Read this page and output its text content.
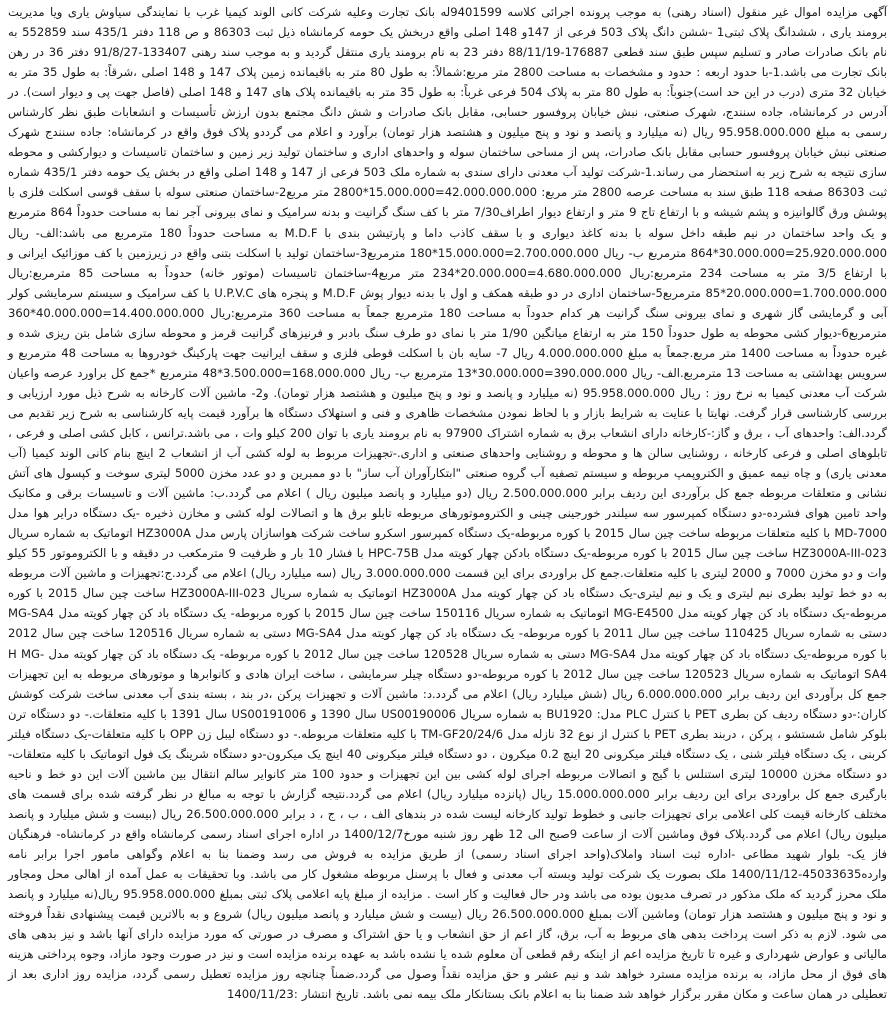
آگهی مزایده اموال غیر منقول (اسناد رهنی) به موجب پرونده اجرائی کلاسه 9401599له بانک تجارت وعلیه شرکت کانی الوند کیمیا غرب با نمایندگی سیاوش یاری و‌یا مدیریت برومند یاری ، ششدانگ پلاک ثبتی1 -ششن دانگ پلاک 503 فرعی از 147و 148 اصلی واقع دربخش یک حومه کرمانشاه ذیل ثبت 86303 و ص 118 دفتر 435/1 سند 552859 به نام بانک صادرات صادر و تسلیم سپس طبق سند قطعی 176887-88/11/19 دفتر 23 به نام برومند یاری منتقل گردید و به موجب سند رهنی 133407-91/8/27 دفتر 36 در رهن بانک تجارت می باشد.1-با حدود اربعه : حدود و مشخصات به مساحت 2800 متر مربع:شمالاً: به طول 80 متر به باقیمانده زمین پلاک 147 و 148 اصلی ،شرقاً: به طول 35 متر به خیابان 32 متری (درب در این حد است)جنوباً: به طول 80 متر به پلاک 504 فرعی غرباً: به طول 35 متر به باقیمانده پلاک های 147 و 148 اصلی (فاصل جهت پی و دیوار است). در آدرس در کرمانشاه، جاده سنندج، شهرک صنعتی، نبش خیابان پروفسور حسابی، مقابل بانک صادرات و شش دانگ مجتمع بدون ارزش تأسیسات و انشعابات طبق نظر کارشناس رسمی به مبلغ 95.958.000.000 ریال (نه میلیارد و پانصد و نود و پنج میلیون و هشتصد هزار تومان) برآورد و اعلام می گرددو پلاک فوق واقع در کرمانشاه: جاده سنندج شهرک صنعتی نبش خیابان پروفسور حسابی مقابل بانک صادرات، پس از مساحی ساختمان سوله و واحدهای اداری و ساختمان تولید زیر زمین و ساختمان تاسیسات و دیوارکشی و محوطه سازی نتیجه به شرح زیر به استحضار می رساند.1-شرکت تولید آب معدنی دارای سندی به شماره ملک 503 فرعی از 147 و 148 اصلی واقع در بخش یک حومه دفتر 435/1 شماره ثبت 86303 صفحه 118 طبق سند به مساحت عرصه 2800 متر مربع: 42.000.000.000=15.000.000*2800 متر مربع2-ساختمان صنعتی سوله با سقف قوسی اسکلت فلزی با پوشش ورق گالوانیزه و پشم شیشه و با ارتفاع تاج 9 متر و ارتفاع دیوار اطراف7/30 متر با کف سنگ گرانیت و بدنه سرامیک و نمای بیرونی آجر نما به مساحت حدوداً 864 مترمربع و یک واحد ساختمان در نیم طبقه داخل سوله با بدنه کاغذ دیواری و با سقف کاذب داما و پارتیشن بندی با M.D.F به مساحت حدوداً 180 مترمربع می باشد:الف- ریال 25،920.000.000=30.000.000*864 مترمربع ب- ریال 2.700.000.000=15.000.000*180 مترمربع3-ساختمان تولید با اسکلت بتنی واقع در زیرزمین با کف موزائیک ایرانی و با ارتفاع 3/5 متر به مساحت 234 مترمربع:ریال 4.680.000.000=20.000.000*234 متر مربع4-ساختمان تاسیسات (موتور خانه) حدوداً به مساحت 85 مترمربع:ریال 1.700.000.000=20.000.000*85 مترمربع5-ساختمان اداری در دو طبقه همکف و اول با بدنه دیوار پوش M.D.F و پنجره های U.P.V.C با کف سرامیک و سیستم سرمایشی کولر آبی و گرمایشی گاز شهری و نمای بیرونی سنگ گرانیت هر کدام حدوداً به مساحت 180 مترمربع جمعاً به مساحت 360 مترمربع:ریال 14.400.000.000=40.000.000*360 مترمربع6-دیوار کشی محوطه به طول حدوداً 150 متر به ارتفاع میانگین 1/90 متر با نمای دو طرف سنگ بادبر و فرنیزهای گرانیت قرمز و محوطه سازی شامل بتن ریزی شده و غیره حدوداً به مساحت 1400 متر مربع.جمعاً به مبلغ 4.000.000.000 ریال 7- سایه بان با اسکلت قوطی فلزی و سقف ایرانیت جهت پارکینگ خودروها به مساحت 48 مترمربع و سرویس بهداشتی به مساحت 13 مترمربع.الف- ریال 390.000.000=30.000.000*13 مترمربع ب- ریال 168.000.000=3.500.000*48 مترمربع *جمع کل براورد عرصه واعیان شرکت آب معدنی کیمیا به نرخ روز : ریال 95.958.000.000 (نه میلیارد و پانصد و نود و پنج میلیون و هشتصد هزار تومان). و2- ماشین آلات کارخانه به شرح ذیل مورد ارزیابی و بررسی کارشناسی قرار گرفت. نهایتا با عنایت به شرایط بازار و با لحاظ نمودن مشخصات ظاهری و فنی و استهلاک دستگاه ها برآورد قیمت پایه کارشناسی به شرح زیر تقدیم می گردد.الف: واحدهای آب ، برق و گاز:-کارخانه دارای انشعاب برق به شماره اشتراک 97900 به نام برومند یاری با توان 200 کیلو وات ، می باشد.ترانس ، کابل کشی اصلی و فرعی ، تابلوهای اصلی و فرعی کارخانه ، روشنایی سالن ها و محوطه و روشنایی واحدهای صنعتی و اداری.-تجهیزات مربوط به لوله کشی آب از انشعاب 2 اینچ بنام کانی الوند کیمیا (آب معدنی یاری) و چاه نیمه عمیق و الکتروپمپ مربوطه و سیستم تصفیه آب گروه صنعتی "ابتکارآوران آب ساز" با دو ممبرین و دو عدد مخزن 5000 لیتری سوخت و کپسول های آتش نشانی و متعلقات مربوطه جمع کل برآوردی این ردیف برابر 2.500.000.000 ریال (دو میلیارد و پانصد میلیون ریال ) اعلام می گردد.ب: ماشین آلات و تاسیسات برقی و مکانیک واحد تامین هوای فشرده-دو دستگاه کمپرسور سه سیلندر خورجینی چینی و الکتروموتورهای مربوطه تابلو برق ها و اتصالات لوله کشی و مخازن ذخیره -یک دستگاه درایر هوا مدل MD-7000 با کلیه متعلقات مربوطه ساخت چین سال 2015 با کوره مربوطه-یک دستگاه کمپرسور اسکرو ساخت شرکت هواسازان پارس مدل HZ3000A اتوماتیک به شماره سریال HZ3000A-III-023 ساخت چین سال 2015 با کوره مربوطه-یک دستگاه بادکن چهار کویته مدل HPC-75B با فشار 10 بار و ظرفیت 9 مترمکعب در دقیقه و با الکتروموتور 55 کیلو وات و دو مخزن 7000 و 2000 لیتری با کلیه متعلقات.جمع کل براوردی برای این قسمت 3.000.000.000 ریال (سه میلیارد ریال) اعلام می گردد.ج:تجهیزات و ماشین آلات مربوطه به دو خط تولید بطری نیم لیتری و یک و نیم لیتری-یک دستگاه باد کن چهار کویته مدل HZ3000A اتوماتیک به شماره سریال HZ3000A-III-023 ساخت چین سال 2015 با کوره مربوطه-یک دستگاه باد کن چهار کویته مدل MG-E4500 اتوماتیک به شماره سریال 150116 ساخت چین سال 2015 با کوره مربوطه- یک دستگاه باد کن چهار کویته مدل MG-SA4 دستی به شماره سریال 110425 ساخت چین سال 2011 با کوره مربوطه- یک دستگاه باد کن چهار کویته مدل MG-SA4 دستی به شماره سریال 120516 ساخت چین سال 2012 با کوره مربوطه-یک دستگاه باد کن چهار کویته مدل MG-SA4 دستی به شماره سریال 120528 ساخت چین سال 2012 با کوره مربوطه- یک دستگاه باد کن چهار کویته مدل H MG-SA4 اتوماتیک به شماره سریال 120523 ساخت چین سال 2012 با کوره مربوطه-دو دستگاه چیلر سرمایشی ، ساخت ایران هادی و کانوابرها و موتورهای مربوطه به این تجهیزات جمع کل برآوردی این ردیف برابر 6.000.000.000 ریال (شش میلیارد ریال) اعلام می گردد.د: ماشین آلات و تجهیزات پرکن ،در بند ، بسته بندی آب معدنی ساخت شرکت کوشش کاران:-دو دستگاه ردیف کن بطری PET با کنترل PLC مدل: BU1920 به شماره سریال US00190006 سال 1390 و US00191006 سال 1391 با کلیه متعلقات.- دو دستگاه ترن بلوکر شامل شستشو ، پرکن ، دربند بطری PET با کنترل از نوع 32 نازله مدل TM-GF20/24/6 با کلیه متعلقات مربوطه.- دو دستگاه لیبل زن OPP با کلیه متعلقات-یک دستگاه فیلتر کربنی ، یک دستگاه فیلتر شنی ، یک دستگاه فیلتر میکرونی 20 اینچ 0.2 میکرون ، دو دستگاه فیلتر میکرونی 40 اینچ یک میکرون-دو دستگاه شرینگ یک فول اتوماتیک با کلیه متعلقات-دو دستگاه مخزن 10000 لیتری استنلس با گیج و اتصالات مربوطه اجرای لوله کشی بین این تجهیزات و حدود 100 متر کانوایر سالم انتقال بین ماشین آلات این دو خط و ناحیه بارگیری جمع کل براوردی برای این ردیف برابر 15.000.000.000 ریال (پانزده میلیارد ریال) اعلام می گردد.نتیجه گزارش با توجه به مبالغ در نظر گرفته شده برای قسمت های مختلف کارخانه قیمت کلی اعلامی برای تجهیزات جانبی و خطوط تولید کارخانه لیست شده در بندهای الف ، ب ، ج ، د برابر 26.500.000.000 ریال (بیست و شش میلیارد و پانصد میلیون ریال) اعلام می گردد.پلاک فوق وماشین آلات از ساعت 9صبح الی 12 ظهر روز شنبه مورخ1400/12/7 در اداره اجرای اسناد رسمی کرمانشاه واقع در کرمانشاه- فرهنگیان فاز یک- بلوار شهید مطاعی -اداره ثبت اسناد واملاک(واحد اجرای اسناد رسمی) از طریق مزایده به فروش می رسد وضمنا بنا به اعلام وگواهی مامور اجرا برابر نامه وارده45033635-1400/11/12 ملک بصورت یک شرکت تولید وبسته آب معدنی و فعال با پرسنل مربوطه مشغول کار می باشد. وبا تحقیقات به عمل آمده از اهالی محل ومجاور ملک محرز گردید که ملک مذکور در تصرف مدیون بوده می باشد ودر حال فعالیت و کار است . مزایده از مبلغ پایه اعلامی پلاک ثبتی بمبلغ 95.958.000.000 ریال(نه میلیارد و پانصد و نود و پنج میلیون و هشتصد هزار تومان) وماشین آلات بمبلغ 26.500.000.000 ریال (بیست و شش میلیارد و پانصد میلیون ریال) شروع و به بالاترین قیمت پیشنهادی نقداً فروخته می شود. لازم به ذکر است پرداخت بدهی های مربوط به آب، برق، گاز اعم از حق انشعاب و یا حق اشتراک و مصرف در صورتی که مورد مزایده دارای آنها باشد و نیز بدهی های مالیاتی و عوارض شهرداری و غیره تا تاریخ مزایده اعم از اینکه رقم قطعی آن معلوم شده یا نشده باشد به عهده برنده مزایده است و نیز در صورت وجود مازاد، وجوه پرداختی هزینه های فوق از محل مازاد، به برنده مزایده مسترد خواهد شد و نیم عشر و حق مزایده نقداً وصول می گردد.ضمناً چنانچه روز مزایده تعطیل رسمی گردد، مزایده روز اداری بعد از تعطیلی در همان ساعت و مکان مقرر برگزار خواهد شد ضمنا بنا به اعلام بانک بستانکار ملک بیمه نمی باشد. تاریخ انتشار :1400/11/23
